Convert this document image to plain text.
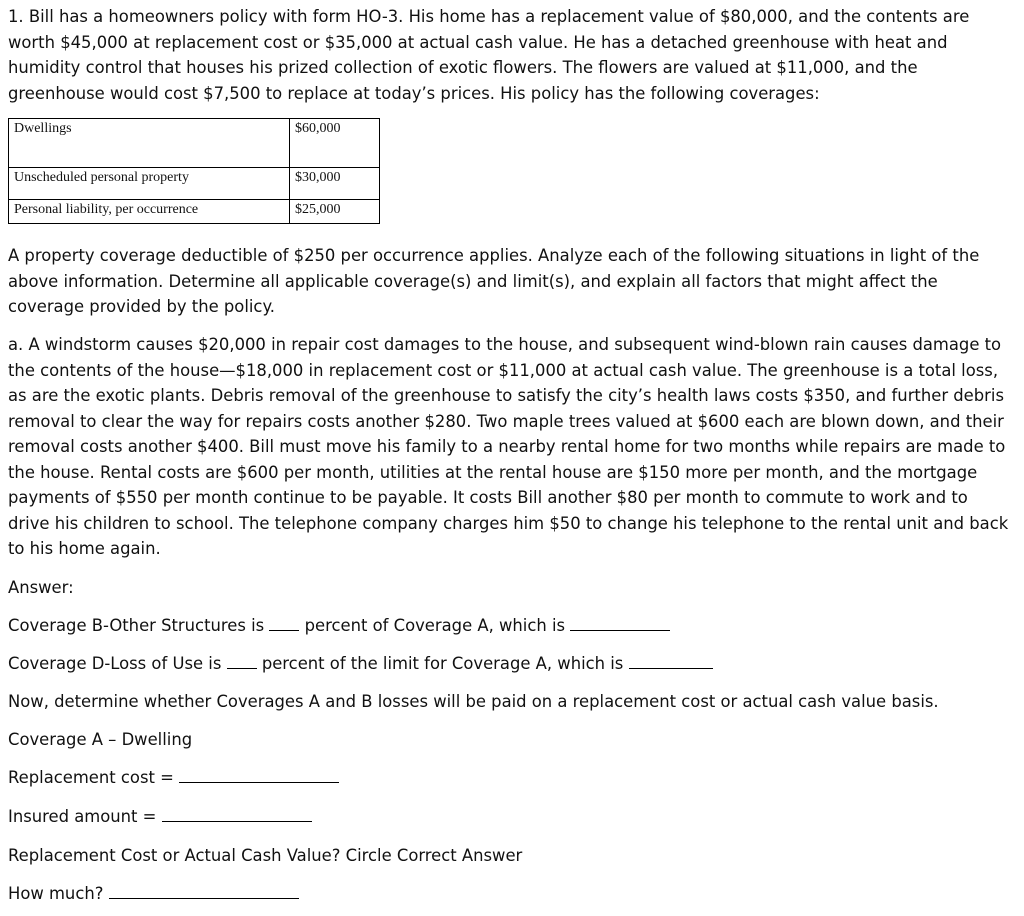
1. Bill has a homeowners policy with form HO-3. His home has a replacement value of $80,000, and the contents are worth $45,000 at replacement cost or $35,000 at actual cash value. He has a detached greenhouse with heat and humidity control that houses his prized collection of exotic flowers. The flowers are valued at $11,000, and the greenhouse would cost $7,500 to replace at today’s prices. His policy has the following coverages:

Dwellings	$60,000
Unscheduled personal property	$30,000
Personal liability, per occurrence	$25,000

A property coverage deductible of $250 per occurrence applies. Analyze each of the following situations in light of the above information. Determine all applicable coverage(s) and limit(s), and explain all factors that might affect the coverage provided by the policy.

a. A windstorm causes $20,000 in repair cost damages to the house, and subsequent wind-blown rain causes damage to the contents of the house—$18,000 in replacement cost or $11,000 at actual cash value. The greenhouse is a total loss, as are the exotic plants. Debris removal of the greenhouse to satisfy the city’s health laws costs $350, and further debris removal to clear the way for repairs costs another $280. Two maple trees valued at $600 each are blown down, and their removal costs another $400. Bill must move his family to a nearby rental home for two months while repairs are made to the house. Rental costs are $600 per month, utilities at the rental house are $150 more per month, and the mortgage payments of $550 per month continue to be payable. It costs Bill another $80 per month to commute to work and to drive his children to school. The telephone company charges him $50 to change his telephone to the rental unit and back to his home again.

Answer:
Coverage B-Other Structures is percent of Coverage A, which is
Coverage D-Loss of Use is percent of the limit for Coverage A, which is
Now, determine whether Coverages A and B losses will be paid on a replacement cost or actual cash value basis.
Coverage A – Dwelling
Replacement cost =
Insured amount =
Replacement Cost or Actual Cash Value? Circle Correct Answer
How much?
